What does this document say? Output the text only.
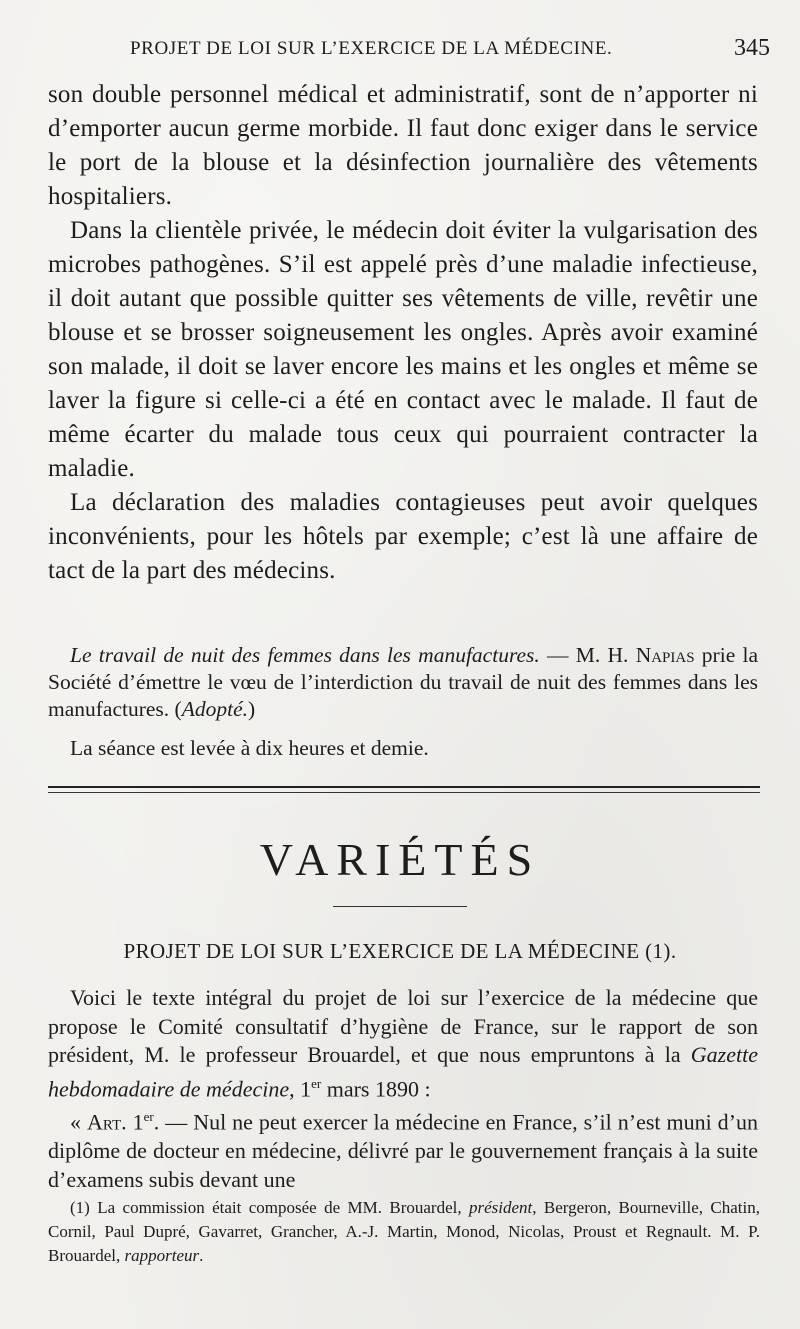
PROJET DE LOI SUR L’EXERCICE DE LA MÉDECINE.	345

son double personnel médical et administratif, sont de n’apporter ni d’emporter aucun germe morbide. Il faut donc exiger dans le service le port de la blouse et la désinfection journalière des vêtements hospitaliers.

Dans la clientèle privée, le médecin doit éviter la vulgarisation des microbes pathogènes. S’il est appelé près d’une maladie infectieuse, il doit autant que possible quitter ses vêtements de ville, revêtir une blouse et se brosser soigneusement les ongles. Après avoir examiné son malade, il doit se laver encore les mains et les ongles et même se laver la figure si celle-ci a été en contact avec le malade. Il faut de même écarter du malade tous ceux qui pourraient contracter la maladie.

La déclaration des maladies contagieuses peut avoir quelques inconvénients, pour les hôtels par exemple; c’est là une affaire de tact de la part des médecins.

Le travail de nuit des femmes dans les manufactures. — M. H. Napias prie la Société d’émettre le vœu de l’interdiction du travail de nuit des femmes dans les manufactures. (Adopté.)

La séance est levée à dix heures et demie.

VARIÉTÉS
PROJET DE LOI SUR L’EXERCICE DE LA MÉDECINE (1).

Voici le texte intégral du projet de loi sur l’exercice de la médecine que propose le Comité consultatif d’hygiène de France, sur le rapport de son président, M. le professeur Brouardel, et que nous empruntons à la Gazette hebdomadaire de médecine, 1er mars 1890 :

« Art. 1er. — Nul ne peut exercer la médecine en France, s’il n’est muni d’un diplôme de docteur en médecine, délivré par le gouvernement français à la suite d’examens subis devant une

(1) La commission était composée de MM. Brouardel, président, Bergeron, Bourneville, Chatin, Cornil, Paul Dupré, Gavarret, Grancher, A.-J. Martin, Monod, Nicolas, Proust et Regnault. M. P. Brouardel, rapporteur.
